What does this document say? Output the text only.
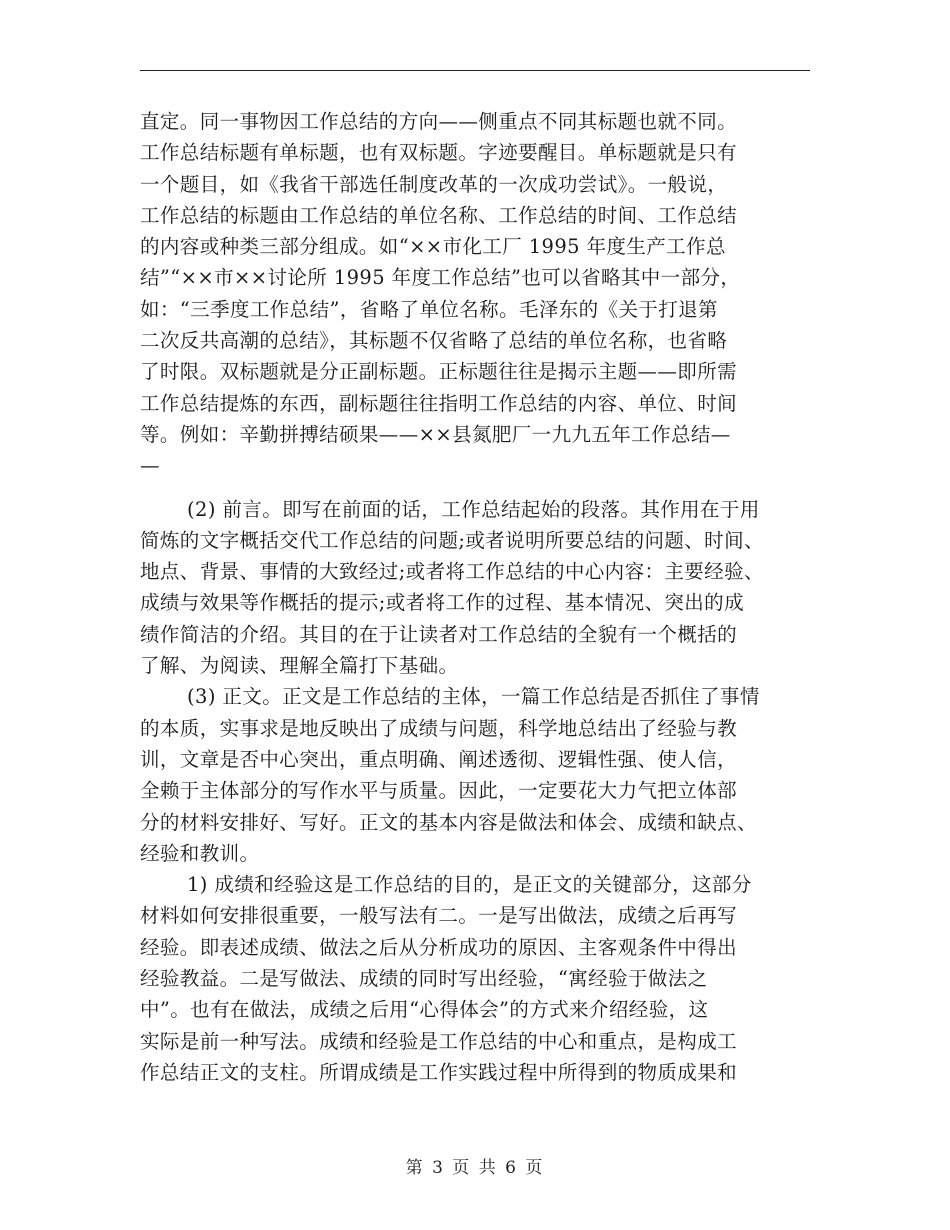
直定。同一事物因工作总结的方向——侧重点不同其标题也就不同。
工作总结标题有单标题，也有双标题。字迹要醒目。单标题就是只有
一个题目，如《我省干部选任制度改革的一次成功尝试》。一般说，
工作总结的标题由工作总结的单位名称、工作总结的时间、工作总结
的内容或种类三部分组成。如“××市化工厂 1995 年度生产工作总
结”“××市××讨论所 1995 年度工作总结”也可以省略其中一部分，
如：“三季度工作总结”，省略了单位名称。毛泽东的《关于打退第
二次反共高潮的总结》，其标题不仅省略了总结的单位名称，也省略
了时限。双标题就是分正副标题。正标题往往是揭示主题——即所需
工作总结提炼的东西，副标题往往指明工作总结的内容、单位、时间
等。例如：辛勤拼搏结硕果——××县氮肥厂一九九五年工作总结—
—
(2) 前言。即写在前面的话，工作总结起始的段落。其作用在于用
简炼的文字概括交代工作总结的问题;或者说明所要总结的问题、时间、
地点、背景、事情的大致经过;或者将工作总结的中心内容：主要经验、
成绩与效果等作概括的提示;或者将工作的过程、基本情况、突出的成
绩作简洁的介绍。其目的在于让读者对工作总结的全貌有一个概括的
了解、为阅读、理解全篇打下基础。
(3) 正文。正文是工作总结的主体，一篇工作总结是否抓住了事情
的本质，实事求是地反映出了成绩与问题，科学地总结出了经验与教
训，文章是否中心突出，重点明确、阐述透彻、逻辑性强、使人信，
全赖于主体部分的写作水平与质量。因此，一定要花大力气把立体部
分的材料安排好、写好。正文的基本内容是做法和体会、成绩和缺点、
经验和教训。
1) 成绩和经验这是工作总结的目的，是正文的关键部分，这部分
材料如何安排很重要，一般写法有二。一是写出做法，成绩之后再写
经验。即表述成绩、做法之后从分析成功的原因、主客观条件中得出
经验教益。二是写做法、成绩的同时写出经验，“寓经验于做法之
中”。也有在做法，成绩之后用“心得体会”的方式来介绍经验，这
实际是前一种写法。成绩和经验是工作总结的中心和重点，是构成工
作总结正文的支柱。所谓成绩是工作实践过程中所得到的物质成果和
第 3 页 共 6 页
